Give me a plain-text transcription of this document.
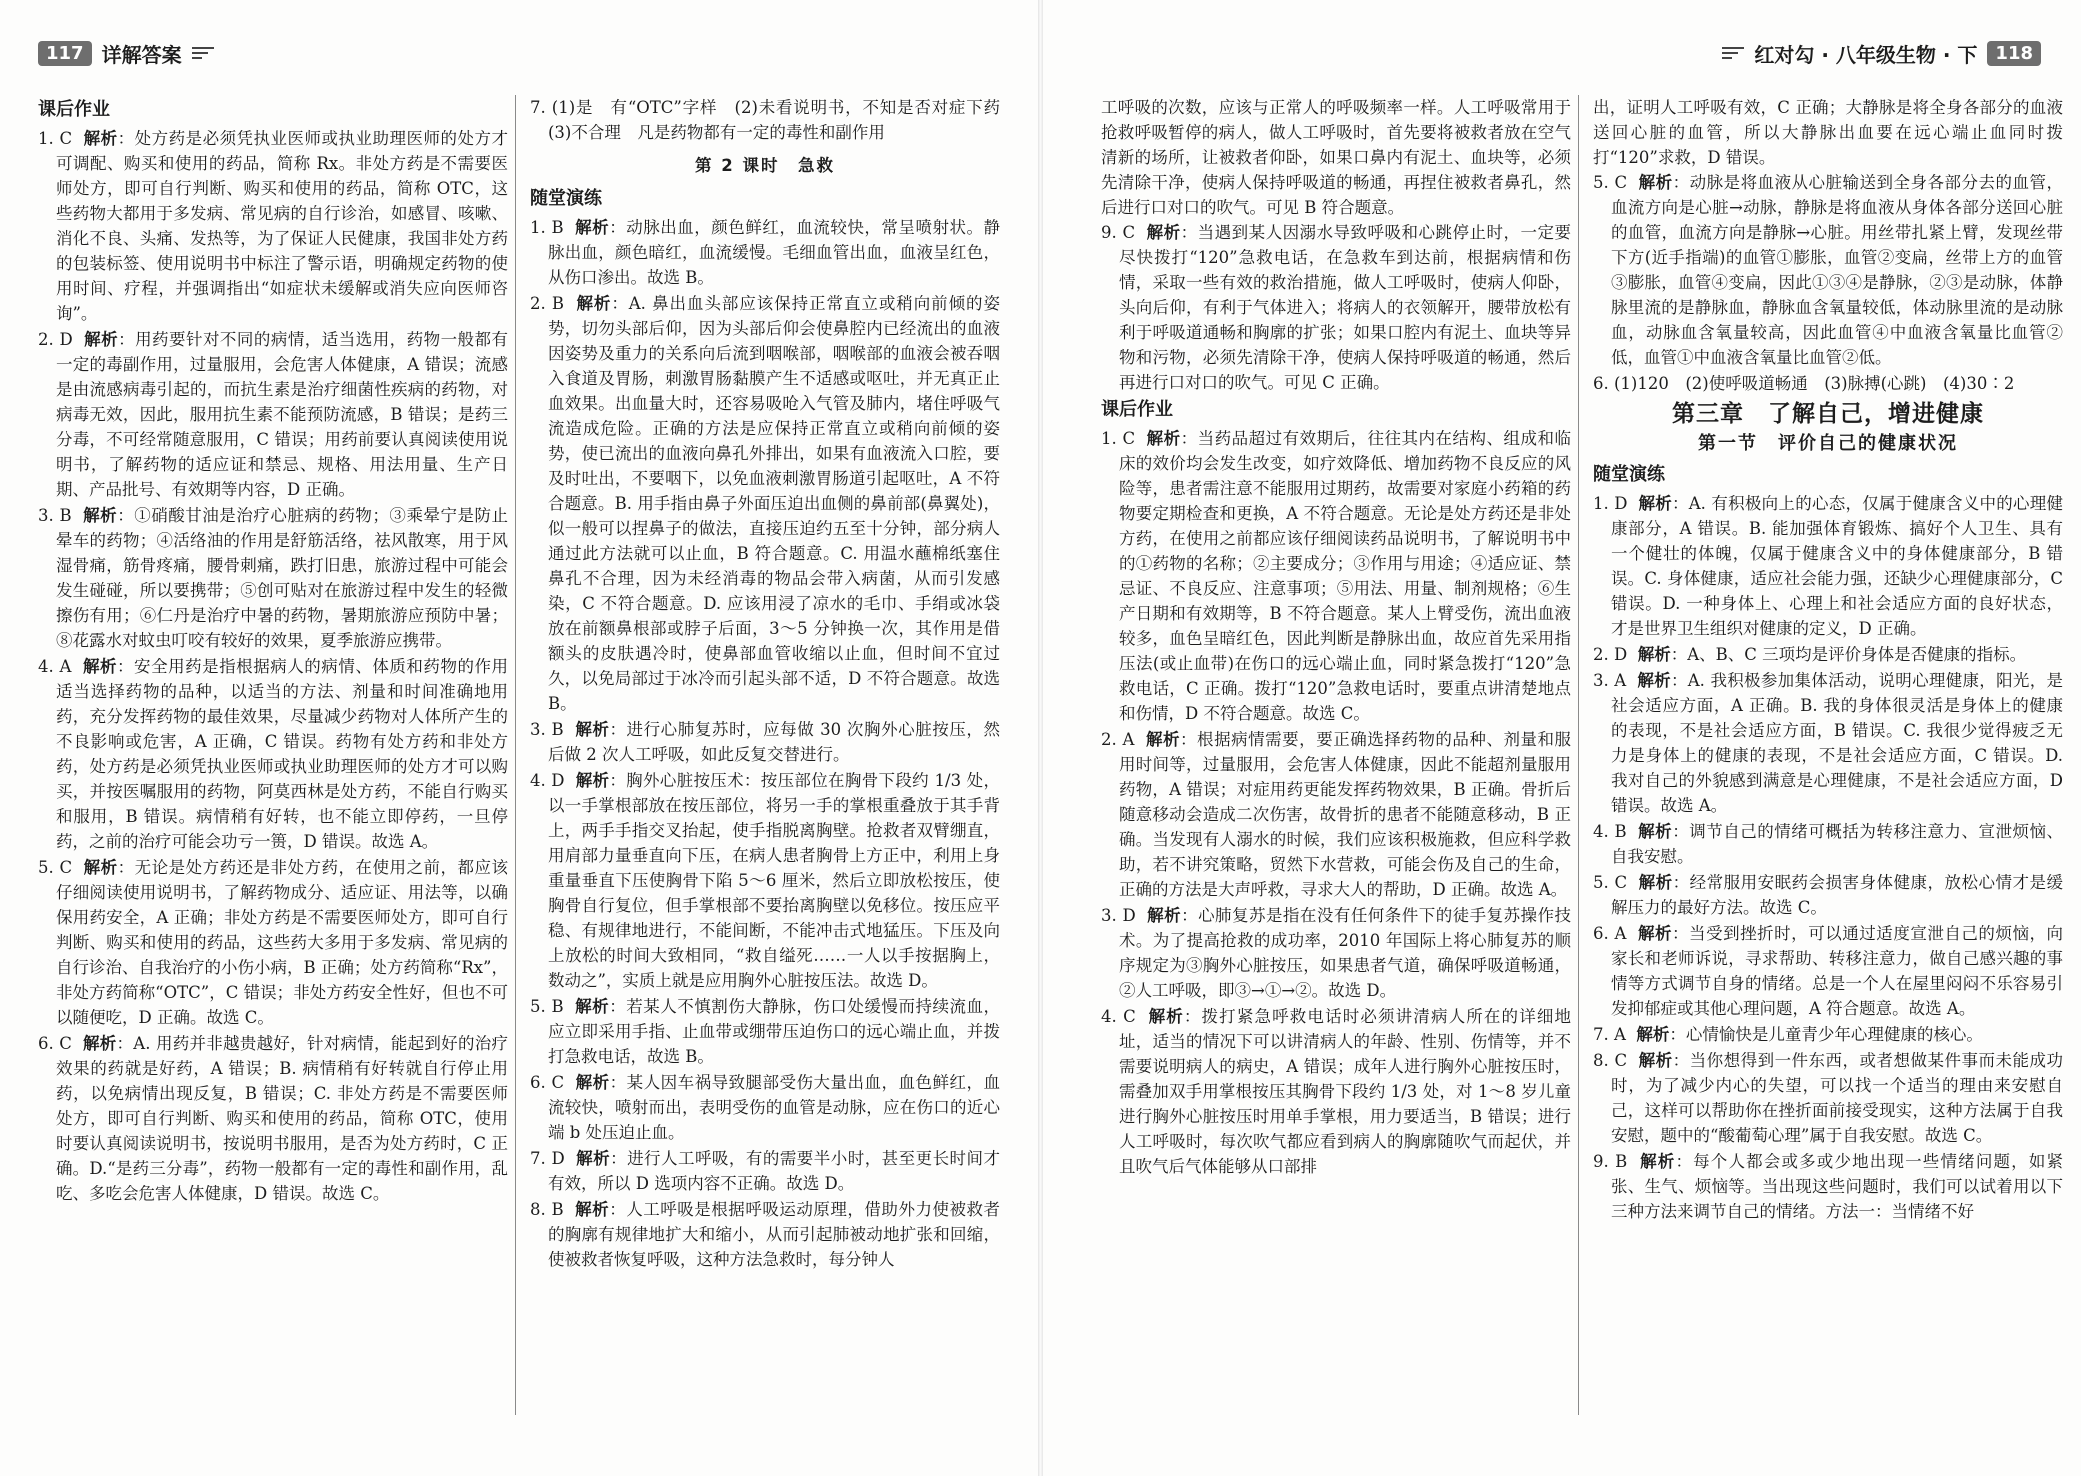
117 详解答案
课后作业
1. C 解析：处方药是必须凭执业医师或执业助理医师的处方才可调配、购买和使用的药品，简称 Rx。非处方药是不需要医师处方，即可自行判断、购买和使用的药品，简称 OTC，这些药物大都用于多发病、常见病的自行诊治，如感冒、咳嗽、消化不良、头痛、发热等，为了保证人民健康，我国非处方药的包装标签、使用说明书中标注了警示语，明确规定药物的使用时间、疗程，并强调指出“如症状未缓解或消失应向医师咨询”。
2. D 解析：用药要针对不同的病情，适当选用，药物一般都有一定的毒副作用，过量服用，会危害人体健康，A 错误；流感是由流感病毒引起的，而抗生素是治疗细菌性疾病的药物，对病毒无效，因此，服用抗生素不能预防流感，B 错误；是药三分毒，不可经常随意服用，C 错误；用药前要认真阅读使用说明书，了解药物的适应证和禁忌、规格、用法用量、生产日期、产品批号、有效期等内容，D 正确。
3. B 解析：①硝酸甘油是治疗心脏病的药物；③乘晕宁是防止晕车的药物；④活络油的作用是舒筋活络，祛风散寒，用于风湿骨痛，筋骨疼痛，腰骨刺痛，跌打旧患，旅游过程中可能会发生碰碰，所以要携带；⑤创可贴对在旅游过程中发生的轻微擦伤有用；⑥仁丹是治疗中暑的药物，暑期旅游应预防中暑；⑧花露水对蚊虫叮咬有较好的效果，夏季旅游应携带。
4. A 解析：安全用药是指根据病人的病情、体质和药物的作用适当选择药物的品种，以适当的方法、剂量和时间准确地用药，充分发挥药物的最佳效果，尽量减少药物对人体所产生的不良影响或危害，A 正确，C 错误。药物有处方药和非处方药，处方药是必须凭执业医师或执业助理医师的处方才可以购买，并按医嘱服用的药物，阿莫西林是处方药，不能自行购买和服用，B 错误。病情稍有好转，也不能立即停药，一旦停药，之前的治疗可能会功亏一篑，D 错误。故选 A。
5. C 解析：无论是处方药还是非处方药，在使用之前，都应该仔细阅读使用说明书，了解药物成分、适应证、用法等，以确保用药安全，A 正确；非处方药是不需要医师处方，即可自行判断、购买和使用的药品，这些药大多用于多发病、常见病的自行诊治、自我治疗的小伤小病，B 正确；处方药简称“Rx”，非处方药简称“OTC”，C 错误；非处方药安全性好，但也不可以随便吃，D 正确。故选 C。
6. C 解析：A. 用药并非越贵越好，针对病情，能起到好的治疗效果的药就是好药，A 错误；B. 病情稍有好转就自行停止用药，以免病情出现反复，B 错误；C. 非处方药是不需要医师处方，即可自行判断、购买和使用的药品，简称 OTC，使用时要认真阅读说明书，按说明书服用，是否为处方药时，C 正确。D.“是药三分毒”，药物一般都有一定的毒性和副作用，乱吃、多吃会危害人体健康，D 错误。故选 C。
7. (1)是　有“OTC”字样　(2)未看说明书，不知是否对症下药　(3)不合理　凡是药物都有一定的毒性和副作用
第 2 课时　急救
随堂演练
1. B 解析：动脉出血，颜色鲜红，血流较快，常呈喷射状。静脉出血，颜色暗红，血流缓慢。毛细血管出血，血液呈红色，从伤口渗出。故选 B。
2. B 解析：A. 鼻出血头部应该保持正常直立或稍向前倾的姿势，切勿头部后仰，因为头部后仰会使鼻腔内已经流出的血液因姿势及重力的关系向后流到咽喉部，咽喉部的血液会被吞咽入食道及胃肠，刺激胃肠黏膜产生不适感或呕吐，并无真正止血效果。出血量大时，还容易吸呛入气管及肺内，堵住呼吸气流造成危险。正确的方法是应保持正常直立或稍向前倾的姿势，使已流出的血液向鼻孔外排出，如果有血液流入口腔，要及时吐出，不要咽下，以免血液刺激胃肠道引起呕吐，A 不符合题意。B. 用手指由鼻子外面压迫出血侧的鼻前部(鼻翼处)，似一般可以捏鼻子的做法，直接压迫约五至十分钟，部分病人通过此方法就可以止血，B 符合题意。C. 用温水蘸棉纸塞住鼻孔不合理，因为未经消毒的物品会带入病菌，从而引发感染，C 不符合题意。D. 应该用浸了凉水的毛巾、手绢或冰袋放在前额鼻根部或脖子后面，3～5 分钟换一次，其作用是借额头的皮肤遇冷时，使鼻部血管收缩以止血，但时间不宜过久，以免局部过于冰冷而引起头部不适，D 不符合题意。故选 B。
3. B 解析：进行心肺复苏时，应每做 30 次胸外心脏按压，然后做 2 次人工呼吸，如此反复交替进行。
4. D 解析：胸外心脏按压术：按压部位在胸骨下段约 1/3 处，以一手掌根部放在按压部位，将另一手的掌根重叠放于其手背上，两手手指交叉抬起，使手指脱离胸壁。抢救者双臂绷直，用肩部力量垂直向下压，在病人患者胸骨上方正中，利用上身重量垂直下压使胸骨下陷 5～6 厘米，然后立即放松按压，使胸骨自行复位，但手掌根部不要抬离胸壁以免移位。按压应平稳、有规律地进行，不能间断，不能冲击式地猛压。下压及向上放松的时间大致相同，“救自缢死……一人以手按据胸上，数动之”，实质上就是应用胸外心脏按压法。故选 D。
5. B 解析：若某人不慎割伤大静脉，伤口处缓慢而持续流血，应立即采用手指、止血带或绷带压迫伤口的远心端止血，并拨打急救电话，故选 B。
6. C 解析：某人因车祸导致腿部受伤大量出血，血色鲜红，血流较快，喷射而出，表明受伤的血管是动脉，应在伤口的近心端 b 处压迫止血。
7. D 解析：进行人工呼吸，有的需要半小时，甚至更长时间才有效，所以 D 选项内容不正确。故选 D。
8. B 解析：人工呼吸是根据呼吸运动原理，借助外力使被救者的胸廓有规律地扩大和缩小，从而引起肺被动地扩张和回缩，使被救者恢复呼吸，这种方法急救时，每分钟人
红对勾 · 八年级生物 · 下	118
工呼吸的次数，应该与正常人的呼吸频率一样。人工呼吸常用于抢救呼吸暂停的病人，做人工呼吸时，首先要将被救者放在空气清新的场所，让被救者仰卧，如果口鼻内有泥土、血块等，必须先清除干净，使病人保持呼吸道的畅通，再捏住被救者鼻孔，然后进行口对口的吹气。可见 B 符合题意。
9. C 解析：当遇到某人因溺水导致呼吸和心跳停止时，一定要尽快拨打“120”急救电话，在急救车到达前，根据病情和伤情，采取一些有效的救治措施，做人工呼吸时，使病人仰卧，头向后仰，有利于气体进入；将病人的衣领解开，腰带放松有利于呼吸道通畅和胸廓的扩张；如果口腔内有泥土、血块等异物和污物，必须先清除干净，使病人保持呼吸道的畅通，然后再进行口对口的吹气。可见 C 正确。
课后作业
1. C 解析：当药品超过有效期后，往往其内在结构、组成和临床的效价均会发生改变，如疗效降低、增加药物不良反应的风险等，患者需注意不能服用过期药，故需要对家庭小药箱的药物要定期检查和更换，A 不符合题意。无论是处方药还是非处方药，在使用之前都应该仔细阅读药品说明书，了解说明书中的①药物的名称；②主要成分；③作用与用途；④适应证、禁忌证、不良反应、注意事项；⑤用法、用量、制剂规格；⑥生产日期和有效期等，B 不符合题意。某人上臂受伤，流出血液较多，血色呈暗红色，因此判断是静脉出血，故应首先采用指压法(或止血带)在伤口的远心端止血，同时紧急拨打“120”急救电话，C 正确。拨打“120”急救电话时，要重点讲清楚地点和伤情，D 不符合题意。故选 C。
2. A 解析：根据病情需要，要正确选择药物的品种、剂量和服用时间等，过量服用，会危害人体健康，因此不能超剂量服用药物，A 错误；对症用药更能发挥药物效果，B 正确。骨折后随意移动会造成二次伤害，故骨折的患者不能随意移动，B 正确。当发现有人溺水的时候，我们应该积极施救，但应科学救助，若不讲究策略，贸然下水营救，可能会伤及自己的生命，正确的方法是大声呼救，寻求大人的帮助，D 正确。故选 A。
3. D 解析：心肺复苏是指在没有任何条件下的徒手复苏操作技术。为了提高抢救的成功率，2010 年国际上将心肺复苏的顺序规定为③胸外心脏按压，如果患者气道，确保呼吸道畅通，②人工呼吸，即③→①→②。故选 D。
4. C 解析：拨打紧急呼救电话时必须讲清病人所在的详细地址，适当的情况下可以讲清病人的年龄、性别、伤情等，并不需要说明病人的病史，A 错误；成年人进行胸外心脏按压时，需叠加双手用掌根按压其胸骨下段约 1/3 处，对 1～8 岁儿童进行胸外心脏按压时用单手掌根，用力要适当，B 错误；进行人工呼吸时，每次吹气都应看到病人的胸廓随吹气而起伏，并且吹气后气体能够从口部排
出，证明人工呼吸有效，C 正确；大静脉是将全身各部分的血液送回心脏的血管，所以大静脉出血要在远心端止血同时拨打“120”求救，D 错误。
5. C 解析：动脉是将血液从心脏输送到全身各部分去的血管，血流方向是心脏→动脉，静脉是将血液从身体各部分送回心脏的血管，血流方向是静脉→心脏。用丝带扎紧上臂，发现丝带下方(近手指端)的血管①膨胀，血管②变扁，丝带上方的血管③膨胀，血管④变扁，因此①③④是静脉，②③是动脉，体静脉里流的是静脉血，静脉血含氧量较低，体动脉里流的是动脉血，动脉血含氧量较高，因此血管④中血液含氧量比血管②低，血管①中血液含氧量比血管②低。
6. (1)120　(2)使呼吸道畅通　(3)脉搏(心跳)　(4)30∶2
第三章　了解自己，增进健康
第一节　评价自己的健康状况
随堂演练
1. D 解析：A. 有积极向上的心态，仅属于健康含义中的心理健康部分，A 错误。B. 能加强体育锻炼、搞好个人卫生、具有一个健壮的体魄，仅属于健康含义中的身体健康部分，B 错误。C. 身体健康，适应社会能力强，还缺少心理健康部分，C 错误。D. 一种身体上、心理上和社会适应方面的良好状态，才是世界卫生组织对健康的定义，D 正确。
2. D 解析：A、B、C 三项均是评价身体是否健康的指标。
3. A 解析：A. 我积极参加集体活动，说明心理健康，阳光，是社会适应方面，A 正确。B. 我的身体很灵活是身体上的健康的表现，不是社会适应方面，B 错误。C. 我很少觉得疲乏无力是身体上的健康的表现，不是社会适应方面，C 错误。D. 我对自己的外貌感到满意是心理健康，不是社会适应方面，D 错误。故选 A。
4. B 解析：调节自己的情绪可概括为转移注意力、宣泄烦恼、自我安慰。
5. C 解析：经常服用安眠药会损害身体健康，放松心情才是缓解压力的最好方法。故选 C。
6. A 解析：当受到挫折时，可以通过适度宣泄自己的烦恼，向家长和老师诉说，寻求帮助、转移注意力，做自己感兴趣的事情等方式调节自身的情绪。总是一个人在屋里闷闷不乐容易引发抑郁症或其他心理问题，A 符合题意。故选 A。
7. A 解析：心情愉快是儿童青少年心理健康的核心。
8. C 解析：当你想得到一件东西，或者想做某件事而未能成功时，为了减少内心的失望，可以找一个适当的理由来安慰自己，这样可以帮助你在挫折面前接受现实，这种方法属于自我安慰，题中的“酸葡萄心理”属于自我安慰。故选 C。
9. B 解析：每个人都会或多或少地出现一些情绪问题，如紧张、生气、烦恼等。当出现这些问题时，我们可以试着用以下三种方法来调节自己的情绪。方法一：当情绪不好
